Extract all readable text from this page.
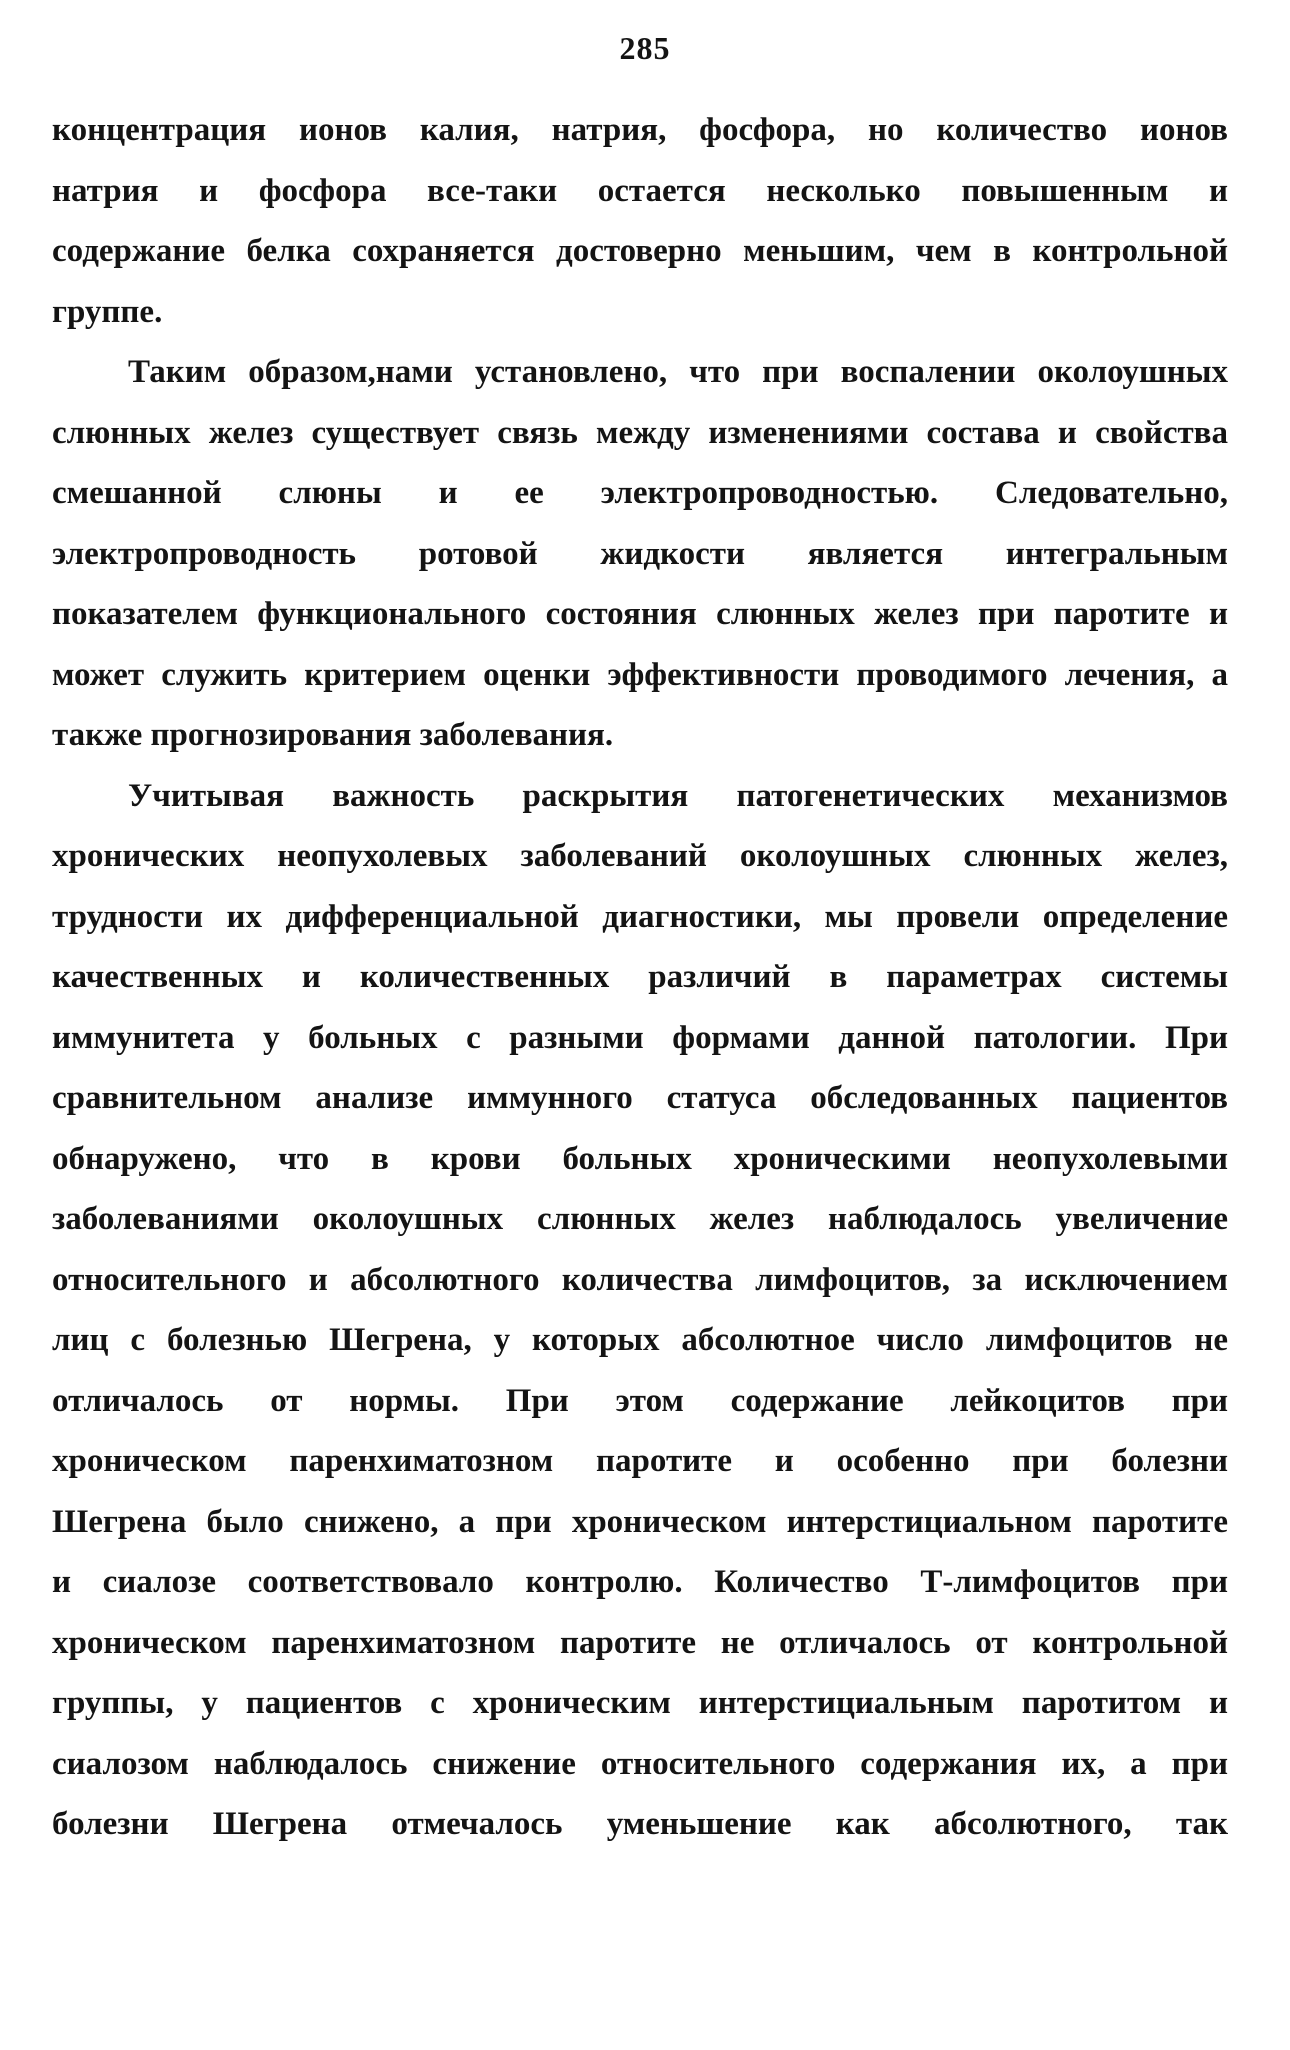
285
концентрация ионов калия, натрия, фосфора, но количество ионов
натрия и фосфора все-таки остается несколько повышенным и
содержание белка сохраняется достоверно меньшим, чем в контрольной
группе.
Таким образом,нами установлено, что при воспалении околоушных
слюнных желез существует связь между изменениями состава и свойства
смешанной слюны и ее электропроводностью. Следовательно,
электропроводность ротовой жидкости является интегральным
показателем функционального состояния слюнных желез при паротите и
может служить критерием оценки эффективности проводимого лечения, а
также прогнозирования заболевания.
Учитывая важность раскрытия патогенетических механизмов
хронических неопухолевых заболеваний околоушных слюнных желез,
трудности их дифференциальной диагностики, мы провели определение
качественных и количественных различий в параметрах системы
иммунитета у больных с разными формами данной патологии. При
сравнительном анализе иммунного статуса обследованных пациентов
обнаружено, что в крови больных хроническими неопухолевыми
заболеваниями околоушных слюнных желез наблюдалось увеличение
относительного и абсолютного количества лимфоцитов, за исключением
лиц с болезнью Шегрена, у которых абсолютное число лимфоцитов не
отличалось от нормы. При этом содержание лейкоцитов при
хроническом паренхиматозном паротите и особенно при болезни
Шегрена было снижено, а при хроническом интерстициальном паротите
и сиалозе соответствовало контролю. Количество Т-лимфоцитов при
хроническом паренхиматозном паротите не отличалось от контрольной
группы, у пациентов с хроническим интерстициальным паротитом и
сиалозом наблюдалось снижение относительного содержания их, а при
болезни Шегрена отмечалось уменьшение как абсолютного, так
